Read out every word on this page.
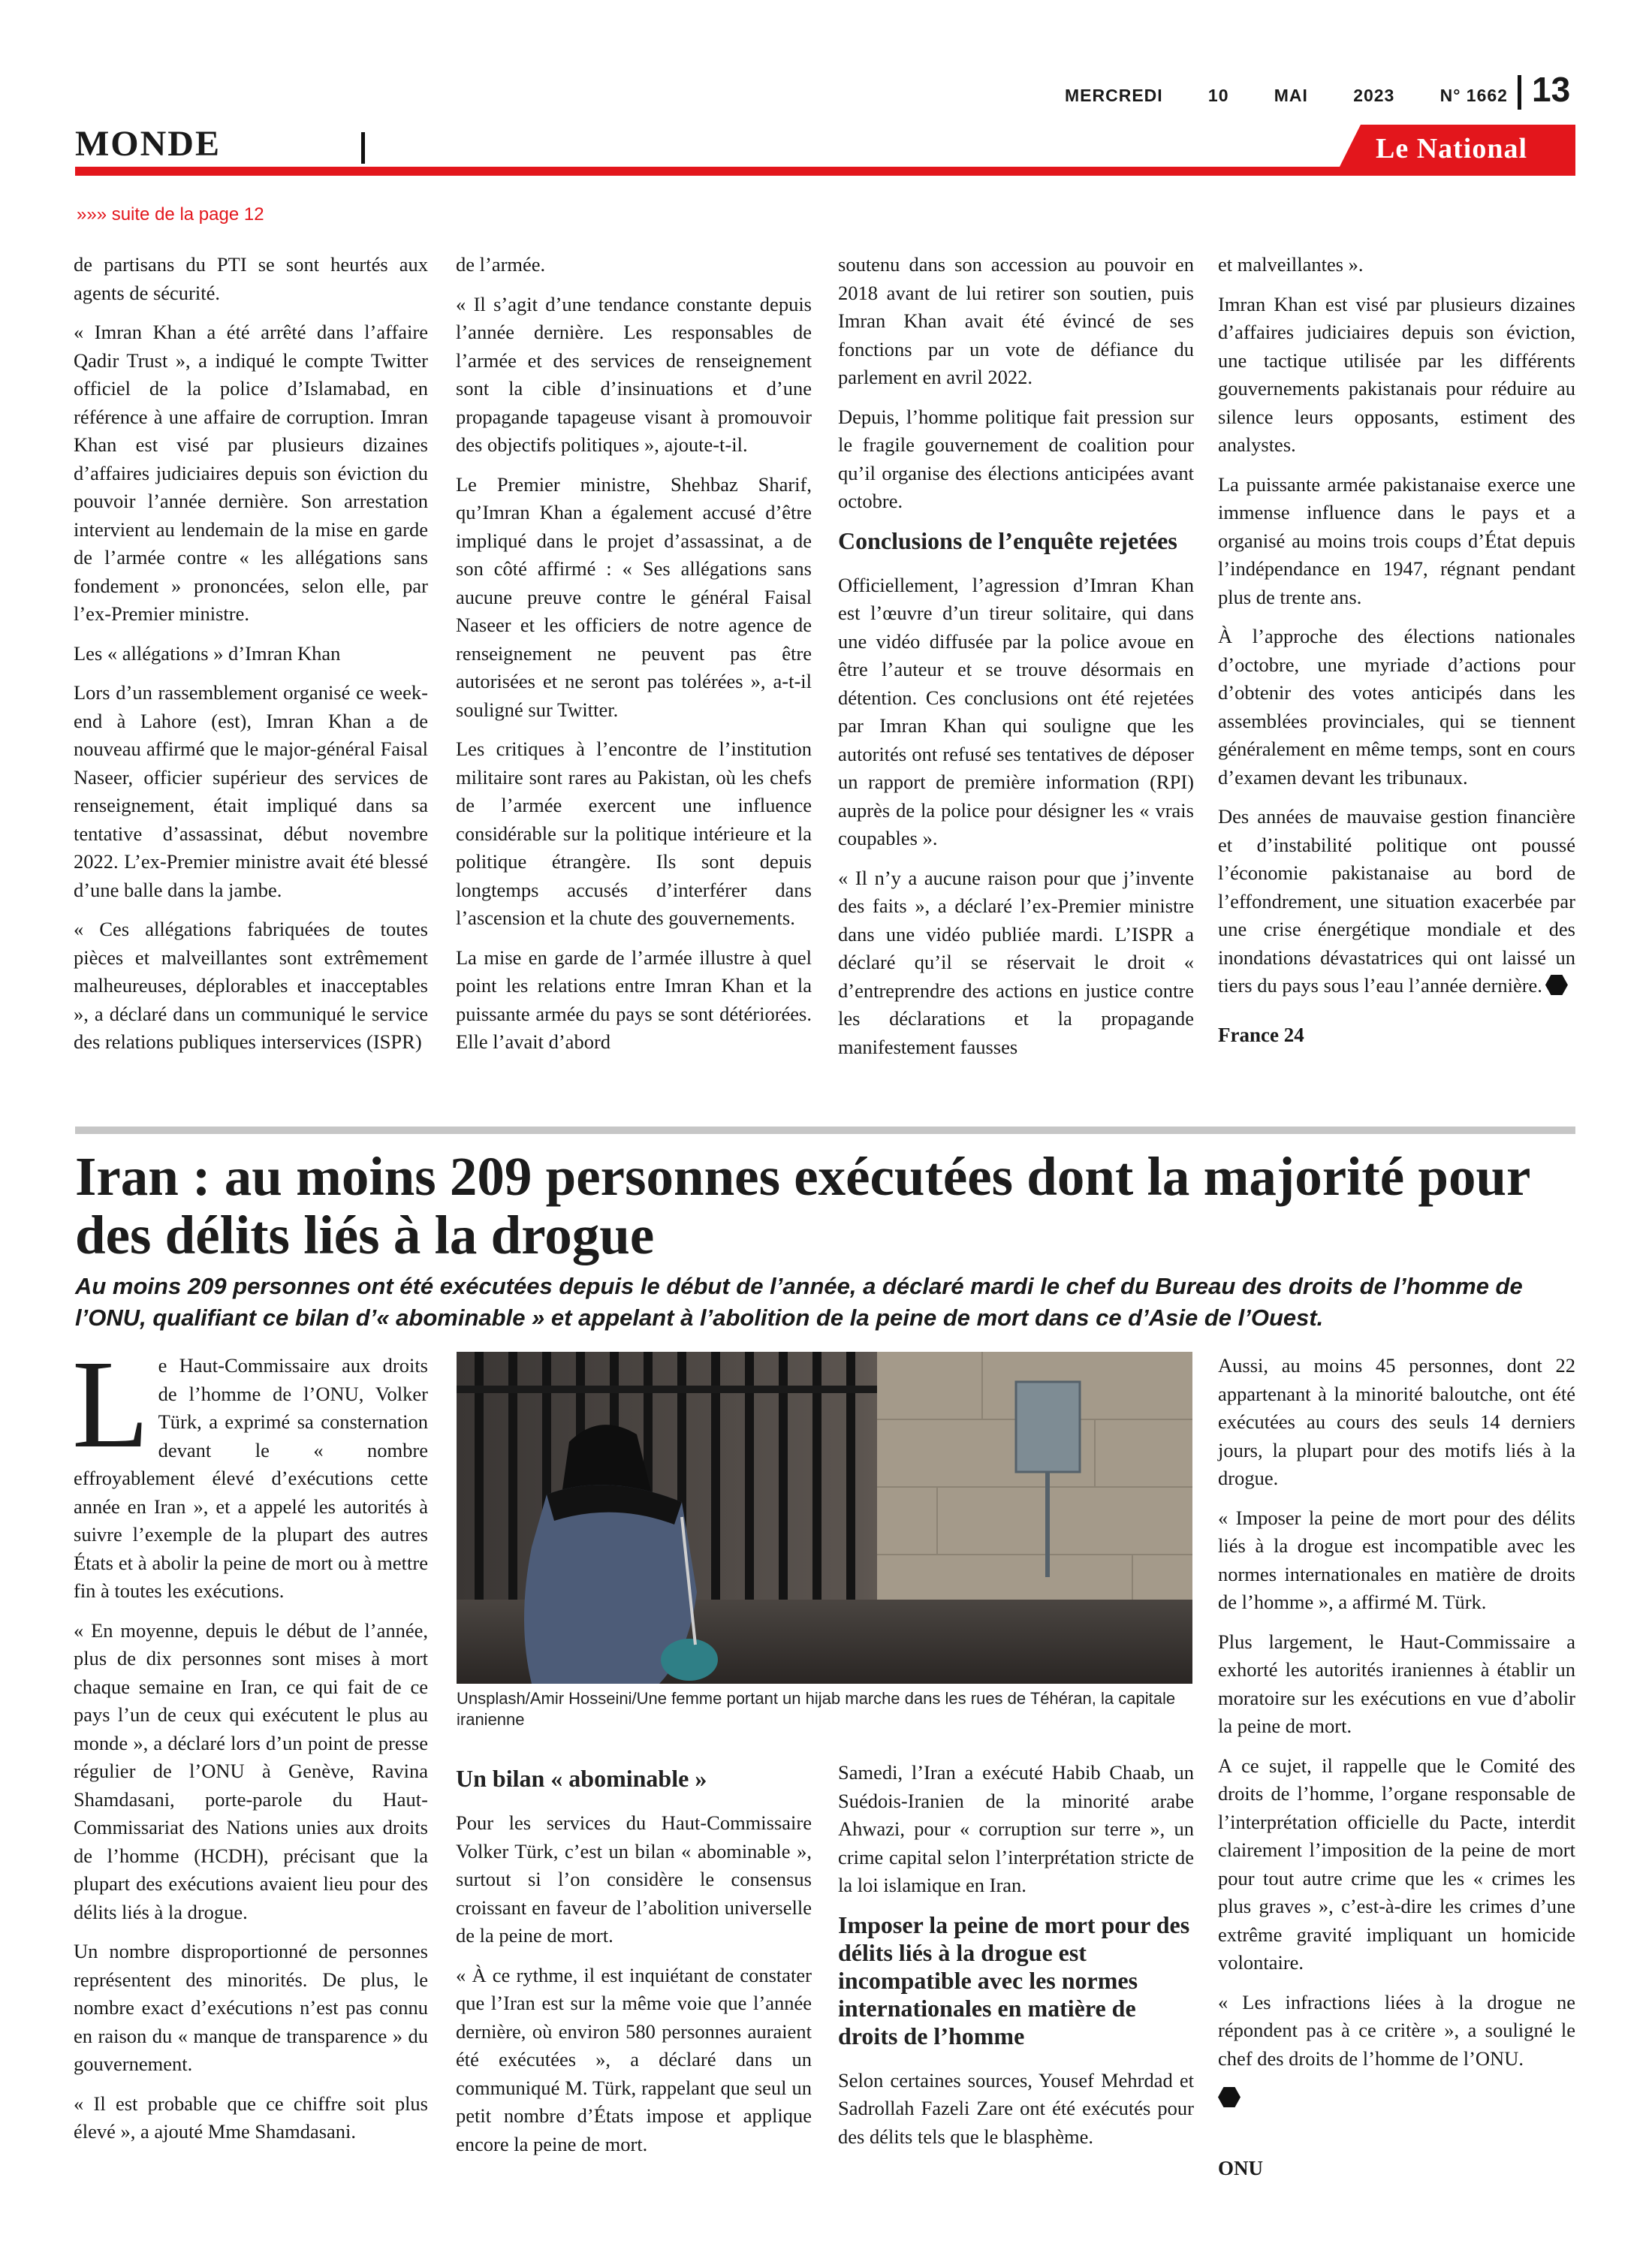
MERCREDI	10	MAI	2023	N° 1662 13
MONDE	Le National
»»» suite de la page 12

de partisans du PTI se sont heurtés aux agents de sécurité.

« Imran Khan a été arrêté dans l’affaire Qadir Trust », a indiqué le compte Twitter officiel de la police d’Islamabad, en référence à une affaire de corruption. Imran Khan est visé par plusieurs dizaines d’affaires judiciaires depuis son éviction du pouvoir l’année dernière. Son arrestation intervient au lendemain de la mise en garde de l’armée contre « les allégations sans fondement » prononcées, selon elle, par l’ex-Premier ministre.

Les « allégations » d’Imran Khan

Lors d’un rassemblement organisé ce week-end à Lahore (est), Imran Khan a de nouveau affirmé que le major-général Faisal Naseer, officier supérieur des services de renseignement, était impliqué dans sa tentative d’assassinat, début novembre 2022. L’ex-Premier ministre avait été blessé d’une balle dans la jambe.

« Ces allégations fabriquées de toutes pièces et malveillantes sont extrêmement malheureuses, déplorables et inacceptables », a déclaré dans un communiqué le service des relations publiques interservices (ISPR)

de l’armée.

« Il s’agit d’une tendance constante depuis l’année dernière. Les responsables de l’armée et des services de renseignement sont la cible d’insinuations et d’une propagande tapageuse visant à promouvoir des objectifs politiques », ajoute-t-il.

Le Premier ministre, Shehbaz Sharif, qu’Imran Khan a également accusé d’être impliqué dans le projet d’assassinat, a de son côté affirmé : « Ses allégations sans aucune preuve contre le général Faisal Naseer et les officiers de notre agence de renseignement ne peuvent pas être autorisées et ne seront pas tolérées », a-t-il souligné sur Twitter.

Les critiques à l’encontre de l’institution militaire sont rares au Pakistan, où les chefs de l’armée exercent une influence considérable sur la politique intérieure et la politique étrangère. Ils sont depuis longtemps accusés d’interférer dans l’ascension et la chute des gouvernements.

La mise en garde de l’armée illustre à quel point les relations entre Imran Khan et la puissante armée du pays se sont détériorées. Elle l’avait d’abord

soutenu dans son accession au pouvoir en 2018 avant de lui retirer son soutien, puis Imran Khan avait été évincé de ses fonctions par un vote de défiance du parlement en avril 2022.

Depuis, l’homme politique fait pression sur le fragile gouvernement de coalition pour qu’il organise des élections anticipées avant octobre.

Conclusions de l’enquête rejetées

Officiellement, l’agression d’Imran Khan est l’œuvre d’un tireur solitaire, qui dans une vidéo diffusée par la police avoue en être l’auteur et se trouve désormais en détention. Ces conclusions ont été rejetées par Imran Khan qui souligne que les autorités ont refusé ses tentatives de déposer un rapport de première information (RPI) auprès de la police pour désigner les « vrais coupables ».

« Il n’y a aucune raison pour que j’invente des faits », a déclaré l’ex-Premier ministre dans une vidéo publiée mardi. L’ISPR a déclaré qu’il se réservait le droit « d’entreprendre des actions en justice contre les déclarations et la propagande manifestement fausses

et malveillantes ».

Imran Khan est visé par plusieurs dizaines d’affaires judiciaires depuis son éviction, une tactique utilisée par les différents gouvernements pakistanais pour réduire au silence leurs opposants, estiment des analystes.

La puissante armée pakistanaise exerce une immense influence dans le pays et a organisé au moins trois coups d’État depuis l’indépendance en 1947, régnant pendant plus de trente ans.

À l’approche des élections nationales d’octobre, une myriade d’actions pour d’obtenir des votes anticipés dans les assemblées provinciales, qui se tiennent généralement en même temps, sont en cours d’examen devant les tribunaux.

Des années de mauvaise gestion financière et d’instabilité politique ont poussé l’économie pakistanaise au bord de l’effondrement, une situation exacerbée par une crise énergétique mondiale et des inondations dévastatrices qui ont laissé un tiers du pays sous l’eau l’année dernière.

France 24
Iran : au moins 209 personnes exécutées dont la majorité pour des délits liés à la drogue
Au moins 209 personnes ont été exécutées depuis le début de l’année, a déclaré mardi le chef du Bureau des droits de l’homme de l’ONU, qualifiant ce bilan d’« abominable » et appelant à l’abolition de la peine de mort dans ce d’Asie de l’Ouest.

Le Haut-Commissaire aux droits de l’homme de l’ONU, Volker Türk, a exprimé sa consternation devant le « nombre effroyablement élevé d’exécutions cette année en Iran », et a appelé les autorités à suivre l’exemple de la plupart des autres États et à abolir la peine de mort ou à mettre fin à toutes les exécutions.

« En moyenne, depuis le début de l’année, plus de dix personnes sont mises à mort chaque semaine en Iran, ce qui fait de ce pays l’un de ceux qui exécutent le plus au monde », a déclaré lors d’un point de presse régulier de l’ONU à Genève, Ravina Shamdasani, porte-parole du Haut-Commissariat des Nations unies aux droits de l’homme (HCDH), précisant que la plupart des exécutions avaient lieu pour des délits liés à la drogue.

Un nombre disproportionné de personnes représentent des minorités. De plus, le nombre exact d’exécutions n’est pas connu en raison du « manque de transparence » du gouvernement.

« Il est probable que ce chiffre soit plus élevé », a ajouté Mme Shamdasani.

Unsplash/Amir Hosseini/Une femme portant un hijab marche dans les rues de Téhéran, la capitale iranienne
Un bilan « abominable »

Pour les services du Haut-Commissaire Volker Türk, c’est un bilan « abominable », surtout si l’on considère le consensus croissant en faveur de l’abolition universelle de la peine de mort.

« À ce rythme, il est inquiétant de constater que l’Iran est sur la même voie que l’année dernière, où environ 580 personnes auraient été exécutées », a déclaré dans un communiqué M. Türk, rappelant que seul un petit nombre d’États impose et applique encore la peine de mort.

Samedi, l’Iran a exécuté Habib Chaab, un Suédois-Iranien de la minorité arabe Ahwazi, pour « corruption sur terre », un crime capital selon l’interprétation stricte de la loi islamique en Iran.

Imposer la peine de mort pour des délits liés à la drogue est incompatible avec les normes internationales en matière de droits de l’homme

Selon certaines sources, Yousef Mehrdad et Sadrollah Fazeli Zare ont été exécutés pour des délits tels que le blasphème.

Aussi, au moins 45 personnes, dont 22 appartenant à la minorité baloutche, ont été exécutées au cours des seuls 14 derniers jours, la plupart pour des motifs liés à la drogue.

« Imposer la peine de mort pour des délits liés à la drogue est incompatible avec les normes internationales en matière de droits de l’homme », a affirmé M. Türk.

Plus largement, le Haut-Commissaire a exhorté les autorités iraniennes à établir un moratoire sur les exécutions en vue d’abolir la peine de mort.

A ce sujet, il rappelle que le Comité des droits de l’homme, l’organe responsable de l’interprétation officielle du Pacte, interdit clairement l’imposition de la peine de mort pour tout autre crime que les « crimes les plus graves », c’est-à-dire les crimes d’une extrême gravité impliquant un homicide volontaire.

« Les infractions liées à la drogue ne répondent pas à ce critère », a souligné le chef des droits de l’homme de l’ONU.

ONU
